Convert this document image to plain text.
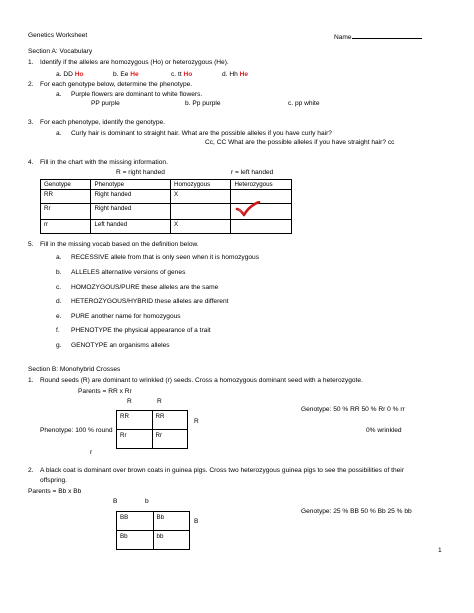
Genetics Worksheet	Name
Section A: Vocabulary
1. Identify if the alleles are homozygous (Ho) or heterozygous (He).
a. DD Ho	b. Ee He	c. tt Ho	d. Hh He
2. For each genotype below, determine the phenotype.
a. Purple flowers are dominant to white flowers.
PP purple	b. Pp purple	c. pp white
3. For each phenotype, identify the genotype.
a. Curly hair is dominant to straight hair. What are the possible alleles if you have curly hair?
Cc, CC What are the possible alleles if you have straight hair? cc
4. Fill in the chart with the missing information.
R = right handed	r = left handed
Genotype	Phenotype	Homozygous	Heterozygous
RR	Right handed	X	
Rr	Right handed		

rr	Left handed	X	
5. Fill in the missing vocab based on the definition below.
a. RECESSIVE allele from that is only seen when it is homozygous
b. ALLELES alternative versions of genes
c. HOMOZYGOUS/PURE these alleles are the same
d. HETEROZYGOUS/HYBRID these alleles are different
e. PURE another name for homozygous
f. PHENOTYPE the physical appearance of a trait
g. GENOTYPE an organisms alleles
Section B: Monohybrid Crosses
1. Round seeds (R) are dominant to wrinkled (r) seeds. Cross a homozygous dominant seed with a heterozygote.
Parents = RR x Rr
R	R
RR	RR
Rr	Rr
R
r
Genotype: 50 % RR 50 % Rr 0 % rr
Phenotype: 100 % round	0% wrinkled
2. A black coat is dominant over brown coats in guinea pigs. Cross two heterozygous guinea pigs to see the possibilities of their
offspring.
Parents = Bb x Bb
B	b
BB	Bb
Bb	bb
B
Genotype: 25 % BB 50 % Bb 25 % bb
1
